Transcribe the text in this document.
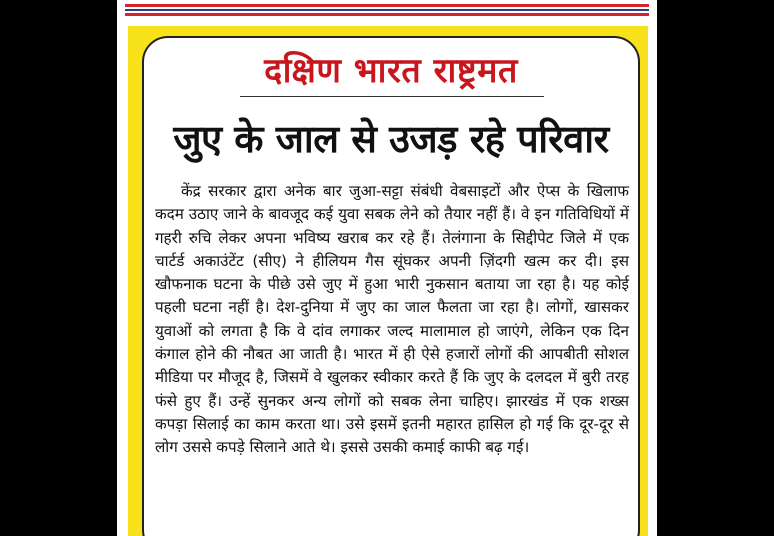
दक्षिण भारत राष्ट्रमत
जुए के जाल से उजड़ रहे परिवार

केंद्र सरकार द्वारा अनेक बार जुआ-सट्टा संबंधी वेबसाइटों और ऐप्स के खिलाफ कदम उठाए जाने के बावजूद कई युवा सबक लेने को तैयार नहीं हैं। वे इन गतिविधियों में गहरी रुचि लेकर अपना भविष्य खराब कर रहे हैं। तेलंगाना के सिद्दीपेट जिले में एक चार्टर्ड अकाउंटेंट (सीए) ने हीलियम गैस सूंघकर अपनी ज़िंदगी खत्म कर दी। इस खौफनाक घटना के पीछे उसे जुए में हुआ भारी नुकसान बताया जा रहा है। यह कोई पहली घटना नहीं है। देश-दुनिया में जुए का जाल फैलता जा रहा है। लोगों, खासकर युवाओं को लगता है कि वे दांव लगाकर जल्द मालामाल हो जाएंगे, लेकिन एक दिन कंगाल होने की नौबत आ जाती है। भारत में ही ऐसे हजारों लोगों की आपबीती सोशल मीडिया पर मौजूद है, जिसमें वे खुलकर स्वीकार करते हैं कि जुए के दलदल में बुरी तरह फंसे हुए हैं। उन्हें सुनकर अन्य लोगों को सबक लेना चाहिए। झारखंड में एक शख्स कपड़ा सिलाई का काम करता था। उसे इसमें इतनी महारत हासिल हो गई कि दूर-दूर से लोग उससे कपड़े सिलाने आते थे। इससे उसकी कमाई काफी बढ़ गई।
